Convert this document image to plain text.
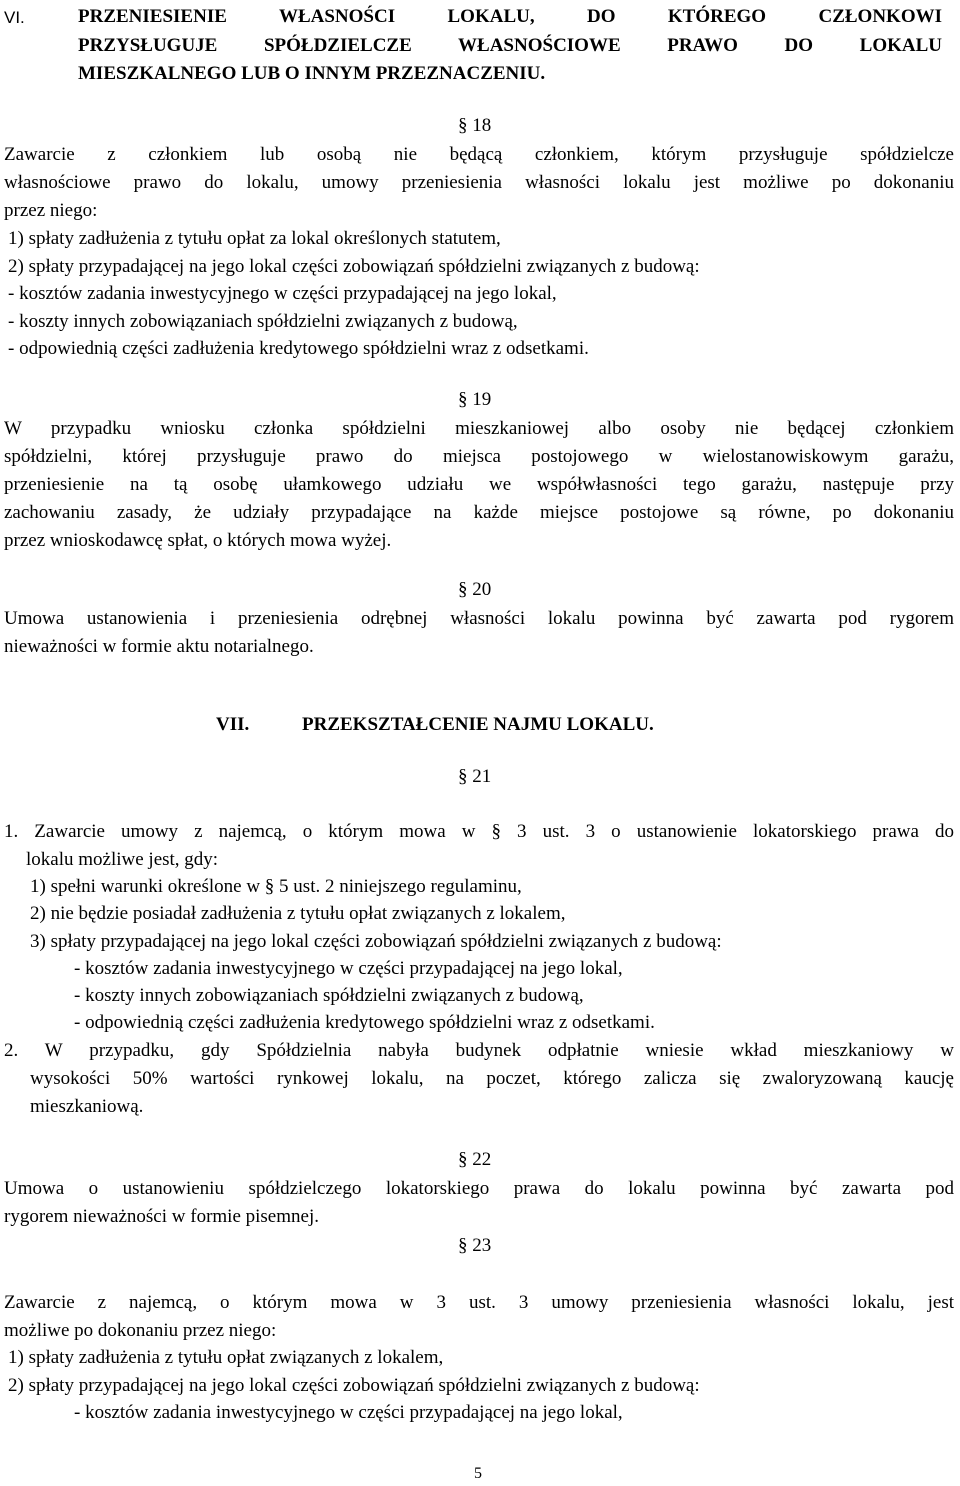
VI.	PRZENIESIENIE WŁASNOŚCI LOKALU, DO KTÓREGO CZŁONKOWI
PRZYSŁUGUJE SPÓŁDZIELCZE WŁASNOŚCIOWE PRAWO DO LOKALU
MIESZKALNEGO LUB O INNYM PRZEZNACZENIU.
§ 18
Zawarcie z członkiem lub osobą nie będącą członkiem, którym przysługuje spółdzielcze
własnościowe prawo do lokalu, umowy przeniesienia własności lokalu jest możliwe po dokonaniu
przez niego:
1) spłaty zadłużenia z tytułu opłat za lokal określonych statutem,
2) spłaty przypadającej na jego lokal części zobowiązań spółdzielni związanych z budową:
- kosztów zadania inwestycyjnego w części przypadającej na jego lokal,
- koszty innych zobowiązaniach spółdzielni związanych z budową,
- odpowiednią części zadłużenia kredytowego spółdzielni wraz z odsetkami.
§ 19
W przypadku wniosku członka spółdzielni mieszkaniowej albo osoby nie będącej członkiem
spółdzielni, której przysługuje prawo do miejsca postojowego w wielostanowiskowym garażu,
przeniesienie na tą osobę ułamkowego udziału we współwłasności tego garażu, następuje przy
zachowaniu zasady, że udziały przypadające na każde miejsce postojowe są równe, po dokonaniu
przez wnioskodawcę spłat, o których mowa wyżej.
§ 20
Umowa ustanowienia i przeniesienia odrębnej własności lokalu powinna być zawarta pod rygorem
nieważności w formie aktu notarialnego.
VII.	PRZEKSZTAŁCENIE NAJMU LOKALU.
§ 21
1. Zawarcie umowy z najemcą, o którym mowa w § 3 ust. 3 o ustanowienie lokatorskiego prawa do
lokalu możliwe jest, gdy:
1) spełni warunki określone w § 5 ust. 2 niniejszego regulaminu,
2) nie będzie posiadał zadłużenia z tytułu opłat związanych z lokalem,
3) spłaty przypadającej na jego lokal części zobowiązań spółdzielni związanych z budową:
- kosztów zadania inwestycyjnego w części przypadającej na jego lokal,
- koszty innych zobowiązaniach spółdzielni związanych z budową,
- odpowiednią części zadłużenia kredytowego spółdzielni wraz z odsetkami.
2. W przypadku, gdy Spółdzielnia nabyła budynek odpłatnie wniesie wkład mieszkaniowy w
wysokości 50% wartości rynkowej lokalu, na poczet, którego zalicza się zwaloryzowaną kaucję
mieszkaniową.
§ 22
Umowa o ustanowieniu spółdzielczego lokatorskiego prawa do lokalu powinna być zawarta pod
rygorem nieważności w formie pisemnej.
§ 23
Zawarcie z najemcą, o którym mowa w 3 ust. 3 umowy przeniesienia własności lokalu, jest
możliwe po dokonaniu przez niego:
1) spłaty zadłużenia z tytułu opłat związanych z lokalem,
2) spłaty przypadającej na jego lokal części zobowiązań spółdzielni związanych z budową:
- kosztów zadania inwestycyjnego w części przypadającej na jego lokal,
5
